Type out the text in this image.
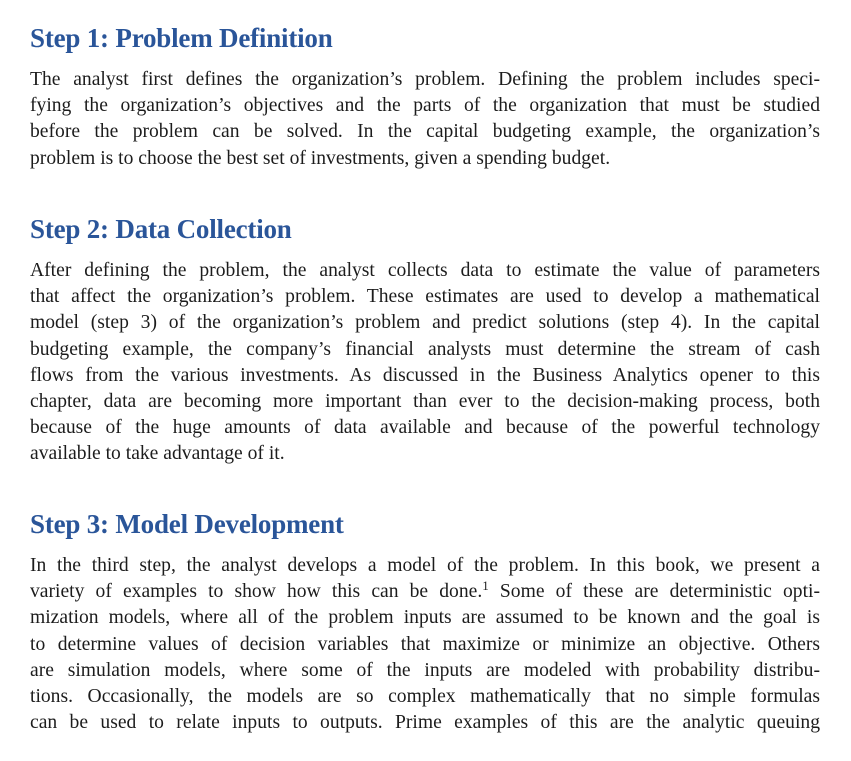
Step 1: Problem Definition
The analyst first defines the organization’s problem. Defining the problem includes speci-
fying the organization’s objectives and the parts of the organization that must be studied
before the problem can be solved. In the capital budgeting example, the organization’s
problem is to choose the best set of investments, given a spending budget.
Step 2: Data Collection
After defining the problem, the analyst collects data to estimate the value of parameters
that affect the organization’s problem. These estimates are used to develop a mathematical
model (step 3) of the organization’s problem and predict solutions (step 4). In the capital
budgeting example, the company’s financial analysts must determine the stream of cash
flows from the various investments. As discussed in the Business Analytics opener to this
chapter, data are becoming more important than ever to the decision-making process, both
because of the huge amounts of data available and because of the powerful technology
available to take advantage of it.
Step 3: Model Development
In the third step, the analyst develops a model of the problem. In this book, we present a
variety of examples to show how this can be done.$^1$ Some of these are deterministic opti-
mization models, where all of the problem inputs are assumed to be known and the goal is
to determine values of decision variables that maximize or minimize an objective. Others
are simulation models, where some of the inputs are modeled with probability distribu-
tions. Occasionally, the models are so complex mathematically that no simple formulas
can be used to relate inputs to outputs. Prime examples of this are the analytic queuing
